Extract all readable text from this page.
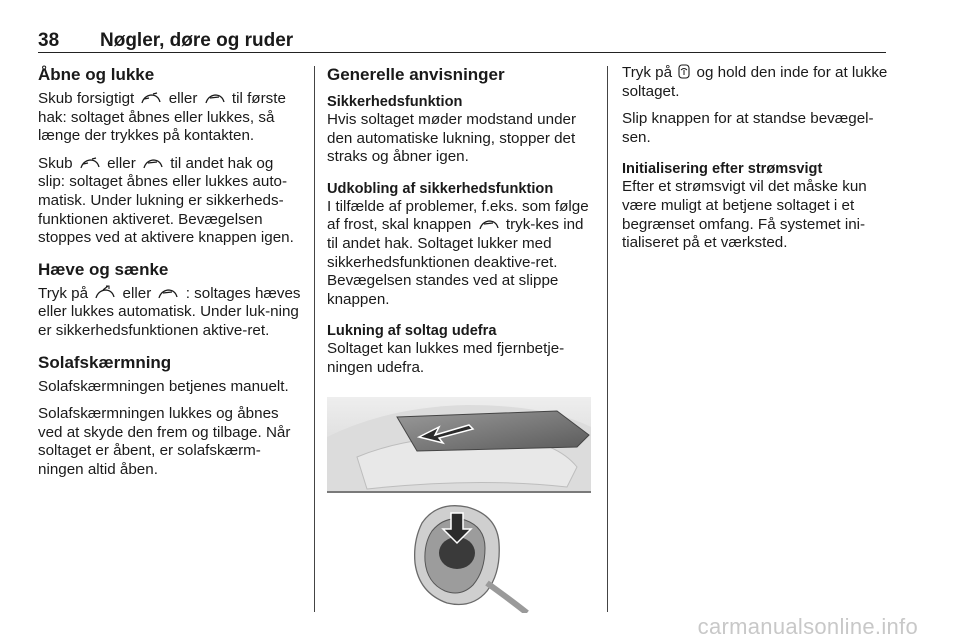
38	Nøgler, døre og ruder
Åbne og lukke

Skub forsigtigt eller til første hak: soltaget åbnes eller lukkes, så længe der trykkes på kontakten.

Skub eller til andet hak og slip: soltaget åbnes eller lukkes auto-matisk. Under lukning er sikkerheds-funktionen aktiveret. Bevægelsen stoppes ved at aktivere knappen igen.

Hæve og sænke

Tryk på eller : soltages hæves eller lukkes automatisk. Under luk-ning er sikkerhedsfunktionen aktive-ret.

Solafskærmning

Solafskærmningen betjenes manuelt.

Solafskærmningen lukkes og åbnes ved at skyde den frem og tilbage. Når soltaget er åbent, er solafskærm-ningen altid åben.

Generelle anvisninger
Sikkerhedsfunktion

Hvis soltaget møder modstand under den automatiske lukning, stopper det straks og åbner igen.

Udkobling af sikkerhedsfunktion

I tilfælde af problemer, f.eks. som følge af frost, skal knappen tryk-kes ind til andet hak. Soltaget lukker med sikkerhedsfunktionen deaktive-ret. Bevægelsen standes ved at slippe knappen.

Lukning af soltag udefra

Soltaget kan lukkes med fjernbetje-ningen udefra.

Tryk på og hold den inde for at lukke soltaget.

Slip knappen for at standse bevægel-sen.

Initialisering efter strømsvigt

Efter et strømsvigt vil det måske kun være muligt at betjene soltaget i et begrænset omfang. Få systemet ini-tialiseret på et værksted.

carmanualsonline.info
